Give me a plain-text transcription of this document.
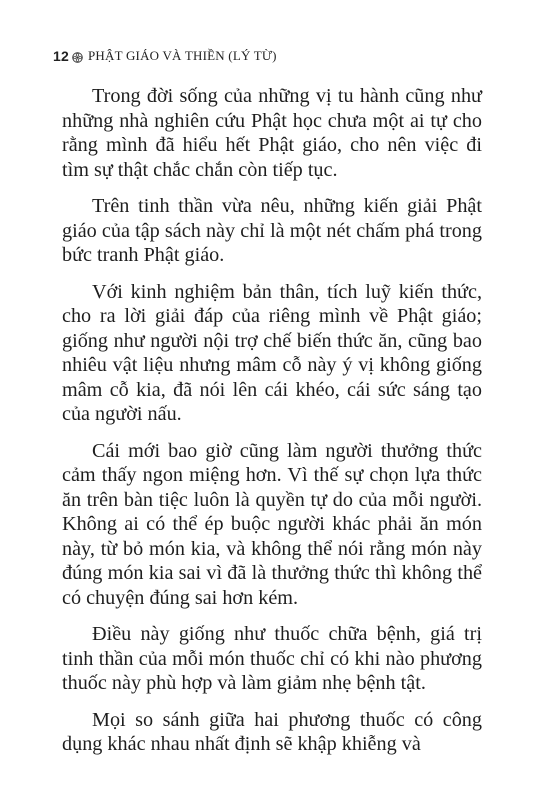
12 PHẬT GIÁO VÀ THIỀN (LÝ TỪ)

Trong đời sống của những vị tu hành cũng như những nhà nghiên cứu Phật học chưa một ai tự cho rằng mình đã hiểu hết Phật giáo, cho nên việc đi tìm sự thật chắc chắn còn tiếp tục.

Trên tinh thần vừa nêu, những kiến giải Phật giáo của tập sách này chỉ là một nét chấm phá trong bức tranh Phật giáo.

Với kinh nghiệm bản thân, tích luỹ kiến thức, cho ra lời giải đáp của riêng mình về Phật giáo; giống như người nội trợ chế biến thức ăn, cũng bao nhiêu vật liệu nhưng mâm cỗ này ý vị không giống mâm cỗ kia, đã nói lên cái khéo, cái sức sáng tạo của người nấu.

Cái mới bao giờ cũng làm người thưởng thức cảm thấy ngon miệng hơn. Vì thế sự chọn lựa thức ăn trên bàn tiệc luôn là quyền tự do của mỗi người. Không ai có thể ép buộc người khác phải ăn món này, từ bỏ món kia, và không thể nói rằng món này đúng món kia sai vì đã là thưởng thức thì không thể có chuyện đúng sai hơn kém.

Điều này giống như thuốc chữa bệnh, giá trị tinh thần của mỗi món thuốc chỉ có khi nào phương thuốc này phù hợp và làm giảm nhẹ bệnh tật.

Mọi so sánh giữa hai phương thuốc có công dụng khác nhau nhất định sẽ khập khiễng và
